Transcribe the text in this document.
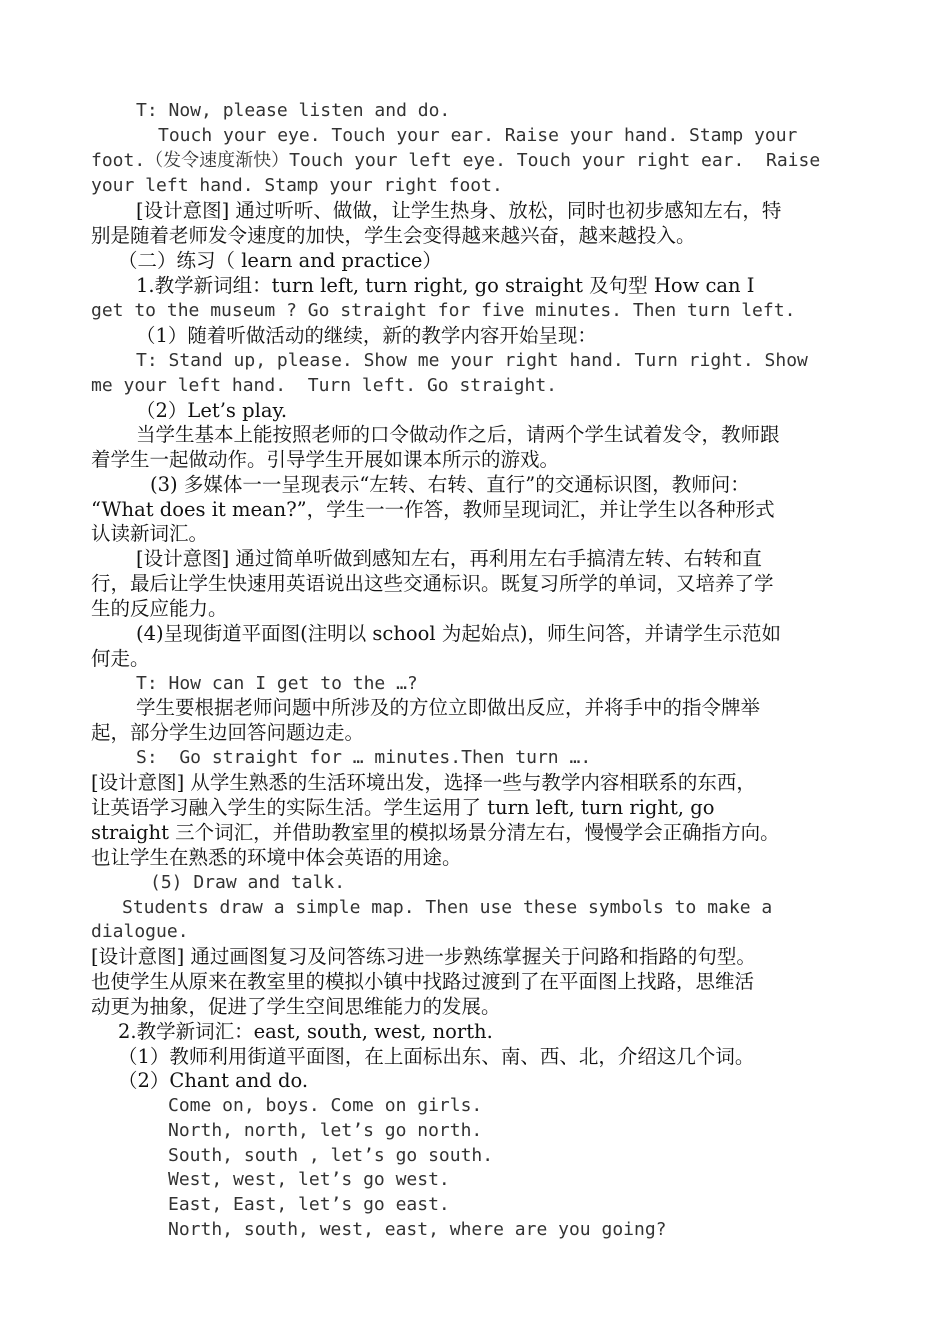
T: Now, please listen and do.

Touch your eye. Touch your ear. Raise your hand. Stamp your

foot.（发令速度渐快）Touch your left eye. Touch your right ear.  Raise

your left hand. Stamp your right foot.

[设计意图] 通过听听、做做，让学生热身、放松，同时也初步感知左右，特

别是随着老师发令速度的加快，学生会变得越来越兴奋，越来越投入。

（二）练习（ learn and practice）

1.教学新词组：turn left, turn right, go straight 及句型 How can I

get to the museum ? Go straight for five minutes. Then turn left.

（1）随着听做活动的继续，新的教学内容开始呈现：

T: Stand up, please. Show me your right hand. Turn right. Show

me your left hand.  Turn left. Go straight.

（2）Let’s play.

当学生基本上能按照老师的口令做动作之后，请两个学生试着发令，教师跟

着学生一起做动作。引导学生开展如课本所示的游戏。

(3) 多媒体一一呈现表示“左转、右转、直行”的交通标识图，教师问：

“What does it mean?”，学生一一作答，教师呈现词汇，并让学生以各种形式

认读新词汇。

[设计意图] 通过简单听做到感知左右，再利用左右手搞清左转、右转和直

行，最后让学生快速用英语说出这些交通标识。既复习所学的单词，又培养了学

生的反应能力。

(4)呈现街道平面图(注明以 school 为起始点)，师生问答，并请学生示范如

何走。

T: How can I get to the …?

学生要根据老师问题中所涉及的方位立即做出反应，并将手中的指令牌举

起，部分学生边回答问题边走。

S:  Go straight for … minutes.Then turn ….

[设计意图] 从学生熟悉的生活环境出发，选择一些与教学内容相联系的东西，

让英语学习融入学生的实际生活。学生运用了 turn left, turn right, go

straight 三个词汇，并借助教室里的模拟场景分清左右，慢慢学会正确指方向。

也让学生在熟悉的环境中体会英语的用途。

(5) Draw and talk.

Students draw a simple map. Then use these symbols to make a

dialogue.

[设计意图] 通过画图复习及问答练习进一步熟练掌握关于问路和指路的句型。

也使学生从原来在教室里的模拟小镇中找路过渡到了在平面图上找路，思维活

动更为抽象，促进了学生空间思维能力的发展。

2.教学新词汇：east, south, west, north.

（1）教师利用街道平面图，在上面标出东、南、西、北，介绍这几个词。

（2）Chant and do.

Come on, boys. Come on girls.

North, north, let’s go north.

South, south , let’s go south.

West, west, let’s go west.

East, East, let’s go east.

North, south, west, east, where are you going?
